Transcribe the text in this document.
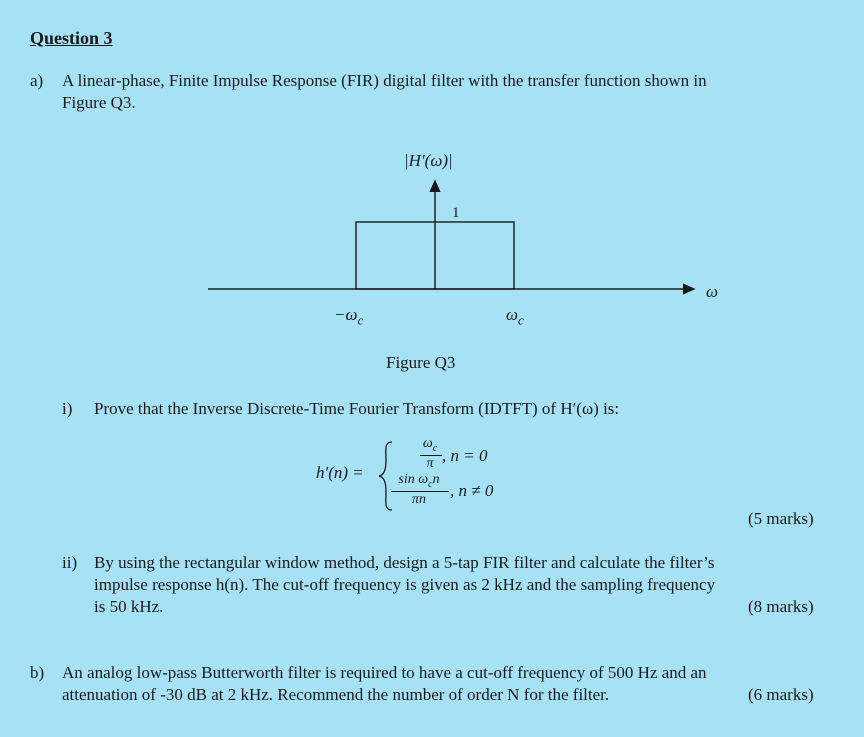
Question 3
a) A linear-phase, Finite Impulse Response (FIR) digital filter with the transfer function shown in
Figure Q3.
|H′(ω)|
1
ω
$-\omega_c$	$\omega_c$
Figure Q3
i) Prove that the Inverse Discrete-Time Fourier Transform (IDTFT) of H′(ω) is:
h′(n) =
$\omega_c$
π , n = 0
$\sin \omega_cn$
πn	, n ≠ 0
(5 marks)
ii) By using the rectangular window method, design a 5-tap FIR filter and calculate the filter’s
impulse response h(n). The cut-off frequency is given as 2 kHz and the sampling frequency
is 50 kHz.	(8 marks)
b) An analog low-pass Butterworth filter is required to have a cut-off frequency of 500 Hz and an
attenuation of -30 dB at 2 kHz. Recommend the number of order N for the filter.	(6 marks)
